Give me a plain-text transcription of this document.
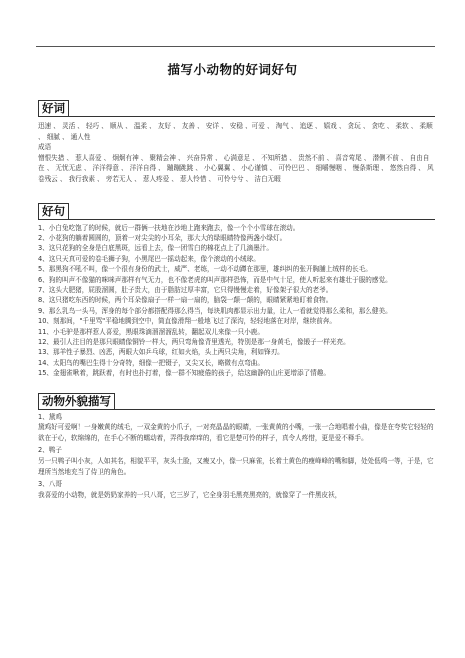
描写小动物的好词好句
好词

迅速 、 灵活 、 轻巧 、 顺从 、 温柔 、 友好 、 友善 、 安详 、 安稳 、可爱 、 淘气 、 追逐 、 嬉戏 、 贪玩 、 贪吃 、 柔软 、 柔顺 、 细腻 、 通人性

成语

憎恨失措 、 惹人喜爱 、 炯炯有神 、 聚精会神 、 兴奋异常 、 心满意足 、 不知所措 、 贵然不前 、 喜音莺尾 、 潜侧不前 、 自由自在 、 无忧无虑 、 洋洋得意 、 洋洋自得 、 蹦蹦跳跳 、 小心翼翼 、 小心谨慎 、 可怜巴巴 、 细嚼慢咽 、 慢条斯理 、 悠然自得 、 风卷残云 、 我行我素 、 旁若无人 、 惹人疼爱 、 惹人怜惜 、 可怜兮兮 、 洁白无暇

好句

1、小白兔吃饱了的时候，就后一群俩一扶地在沙地上跑来跑去，像一个个小雪球在滚动。

2、小花狗的躺着圆圆的，顶着一对尖尖的小耳朵，那大大的绿眼睛特像两盏小绿灯。

3、这只花狗的全身是白底黑斑，远看上去，像一团雪白的棉花点上了几滴墨汁。

4、这只天真可爱的卷毛狮子狗，小黑尾巴一摇动起来，像个滚动的小绒球。

5、那黑狗不吼不叫，像一个很有身份的武士，威严、老练，一动不动蹲在那里，雄纠纠的张开胸脯上绒样的长毛。

6、狗的叫声不像猫的咪咪声那样有气无力，也不像老虎的叫声那样恐怖，而是中气十足，使人听起来有雄壮于服的感觉。

7、这头大肥猪，屁股溜圆，肚子贵大，由于脂肪过厚丰富，它只得慢慢走着，好像架子很大的老爷。

8、这只猪吃东西的时候，两个耳朵像扇子一样一扇一扇的，脑袋一颠一颠的，眼睛紧紧地盯着食物。

9、那么乳鸟一头马，浑身的每个部分都搭配得那么得当，每块肌肉都显示出力量，让人一看就觉得那么柔和，那么健美。

10、刻那间，"千里骂"平稳地腾到空中，简直像滑翔一般地飞过了深沟，轻轻地落在对岸，继续前奔。

11、小毛驴是那样惹人喜爱，黑眼珠滴溜溜溜乱转，翻起双儿来像一只小鹿。

12、最引人注目的是那只眼睛像铜铃一样大，两只弯角像背里透光，特别是那一身黄毛，像锻子一样光亮。

13、那羊性子暴烈、凶恶，两眼大如乒乓球，红如火焰，头上两只尖角，利如锋刃。

14、太阳鸟的嘴巴生得十分奇特，细像一把镊子，又尖又长，略微有点弯曲。

15、金翅雀啾着，跳跃着，有时也扑打着，像一群不知疲倦的孩子，给这幽静的山庄更增添了情趣。

动物外貌描写
1、黛鸡

黛鸡好可爱啊！一身嫩黄的绒毛，一双金黄的小爪子，一对亮晶晶的眼睛，一张黄黄的小嘴，一张一合地唱着小曲，像是在夸奖它轻轻的欲在于心，软绵绵的，在手心不断的蠕动着，弄得我痒痒的，看它是楚可怜的样子，真令人疼惜，更是爱不释手。

2、鸭子

另一只鸭子叫小灰，人如其名，相貌平平，灰头土脸，又瘦又小，像一只麻雀，长着土黄色的瘦峰峰的嘴和脚，处处低鸣一等，于是，它理所当然地充当了侍卫的角色。

3、八哥

我喜爱的小动物，就是奶奶家养的一只八哥，它三岁了，它全身羽毛黑亮黑亮的，就像穿了一件黑皮袄，
